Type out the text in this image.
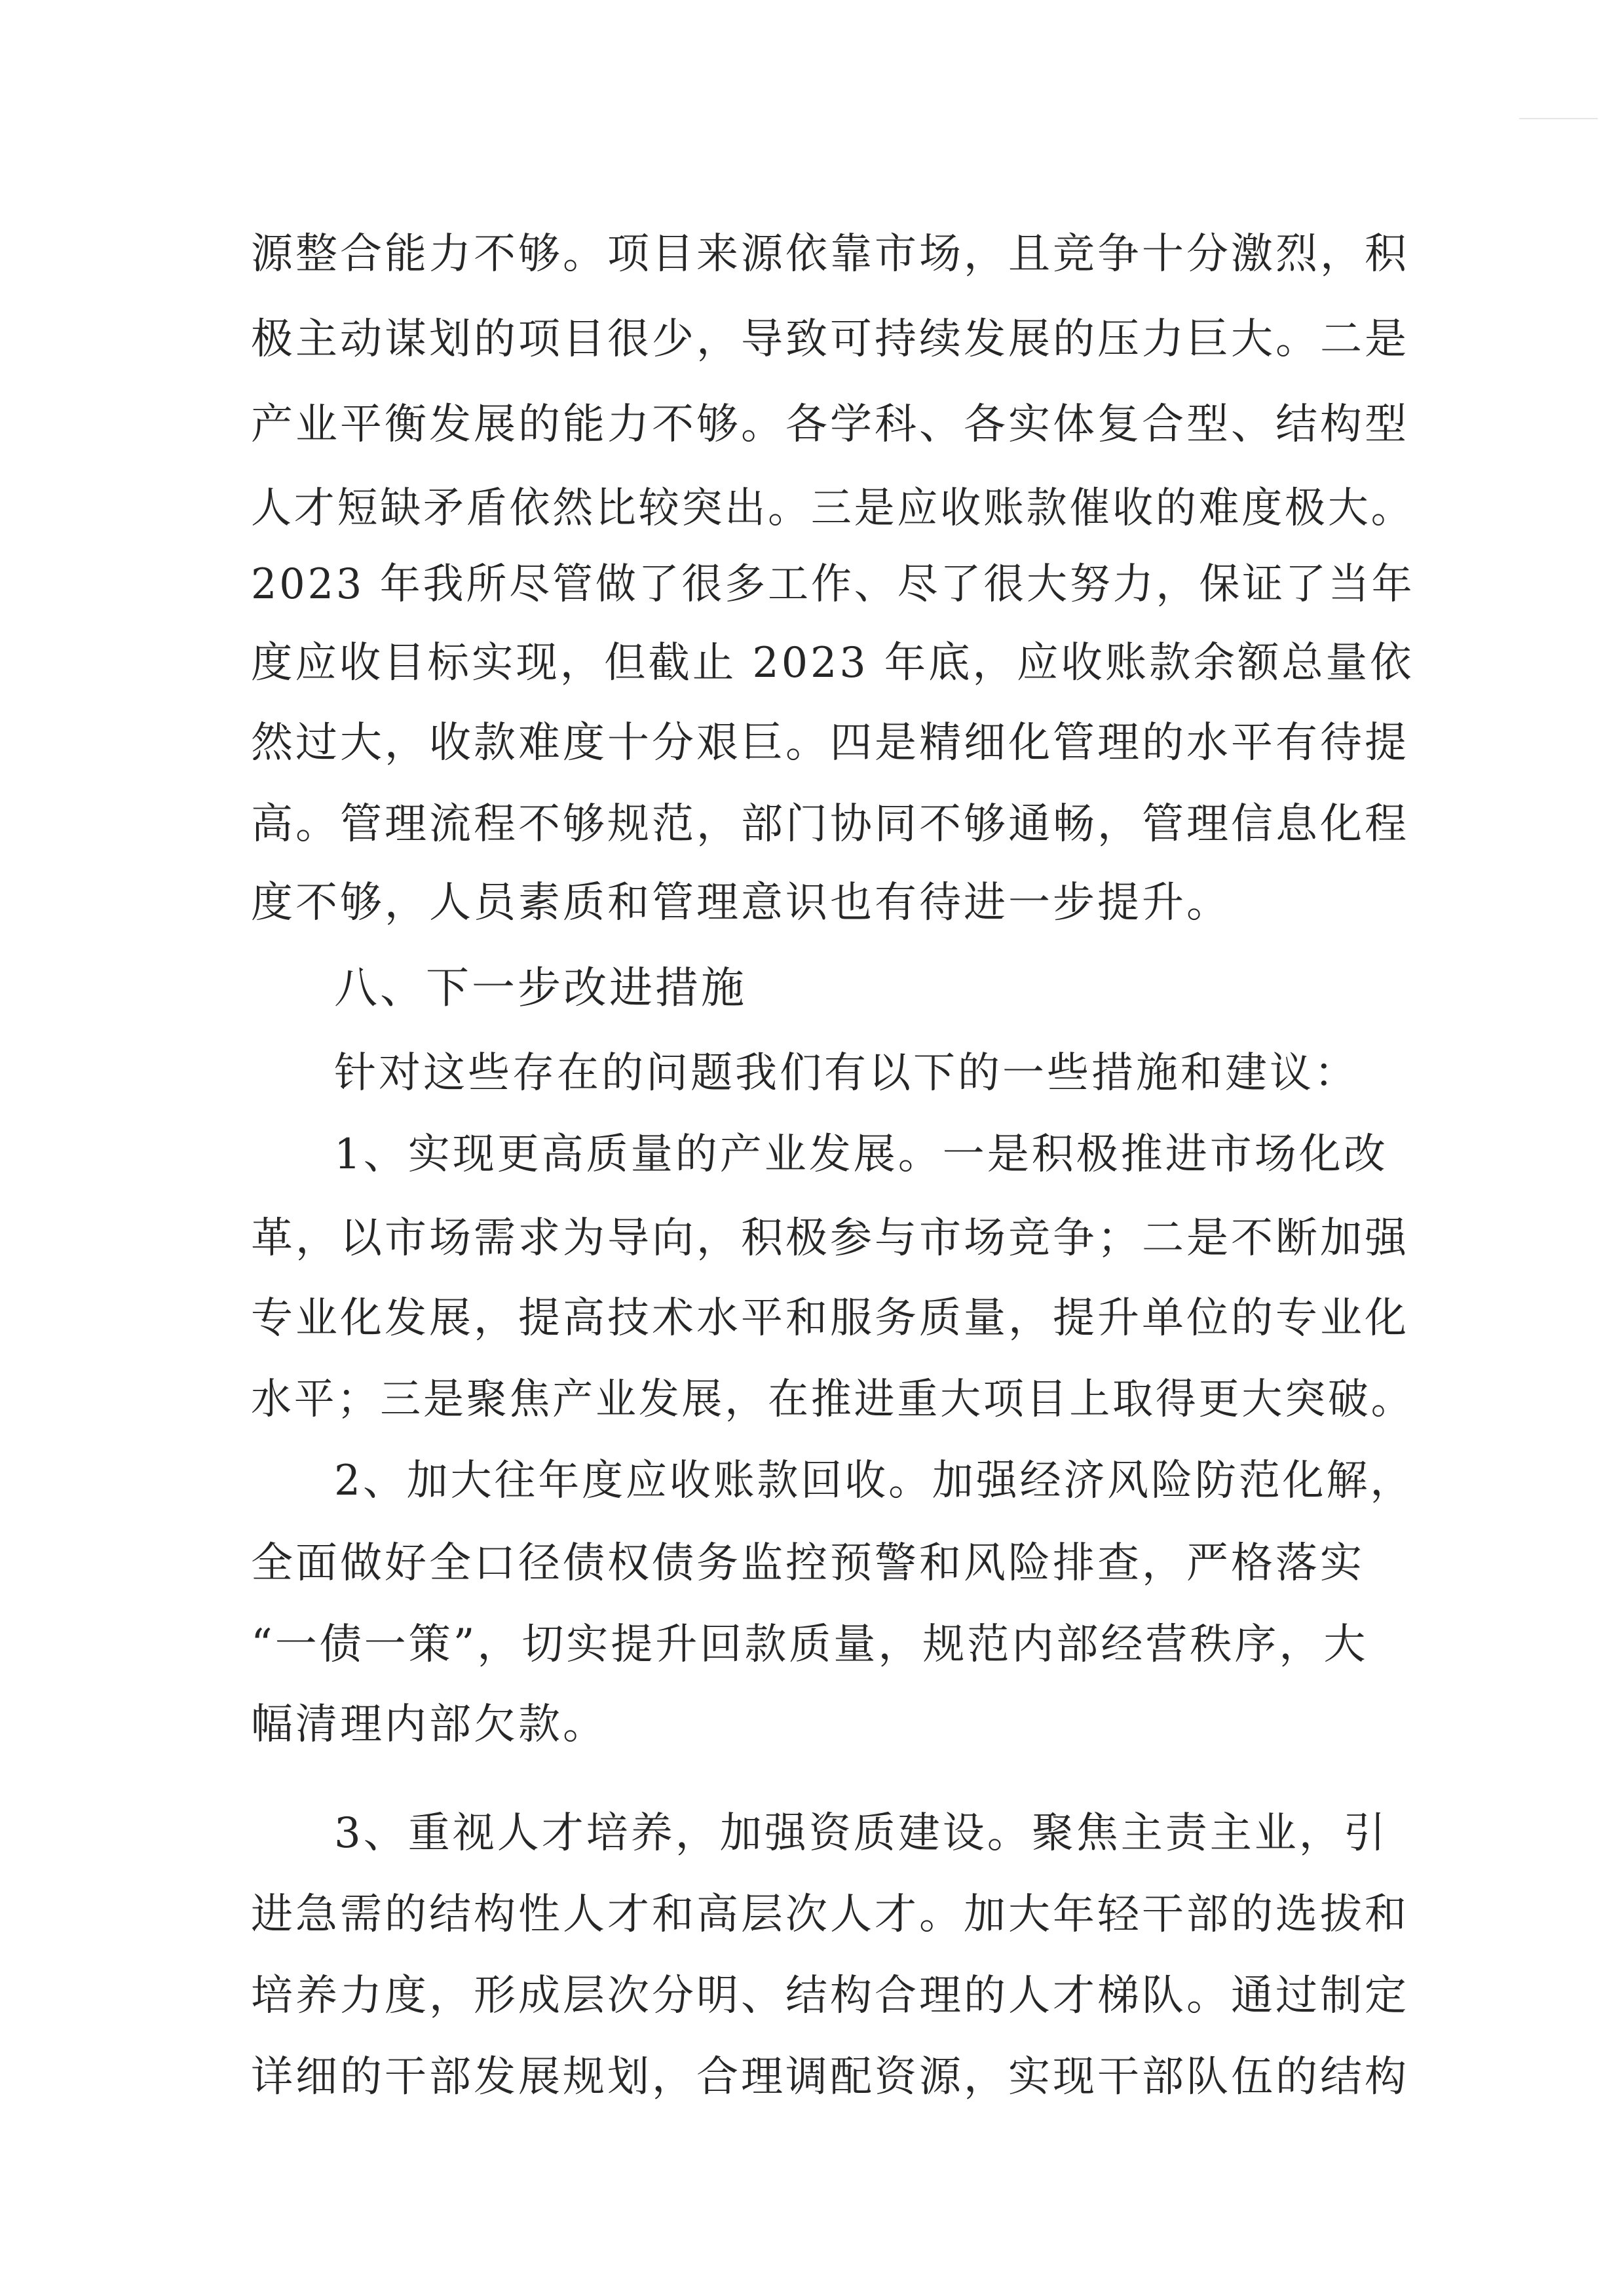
源整合能力不够。项目来源依靠市场，且竞争十分激烈，积
极主动谋划的项目很少，导致可持续发展的压力巨大。二是
产业平衡发展的能力不够。各学科、各实体复合型、结构型
人才短缺矛盾依然比较突出。三是应收账款催收的难度极大。
2023 年我所尽管做了很多工作、尽了很大努力，保证了当年
度应收目标实现，但截止 2023 年底，应收账款余额总量依
然过大，收款难度十分艰巨。四是精细化管理的水平有待提
高。管理流程不够规范，部门协同不够通畅，管理信息化程
度不够，人员素质和管理意识也有待进一步提升。
八、下一步改进措施
针对这些存在的问题我们有以下的一些措施和建议：
1、实现更高质量的产业发展。一是积极推进市场化改
革，以市场需求为导向，积极参与市场竞争；二是不断加强
专业化发展，提高技术水平和服务质量，提升单位的专业化
水平；三是聚焦产业发展，在推进重大项目上取得更大突破。
2、加大往年度应收账款回收。加强经济风险防范化解，
全面做好全口径债权债务监控预警和风险排查，严格落实
“一债一策”，切实提升回款质量，规范内部经营秩序，大
幅清理内部欠款。
3、重视人才培养，加强资质建设。聚焦主责主业，引
进急需的结构性人才和高层次人才。加大年轻干部的选拔和
培养力度，形成层次分明、结构合理的人才梯队。通过制定
详细的干部发展规划，合理调配资源，实现干部队伍的结构
